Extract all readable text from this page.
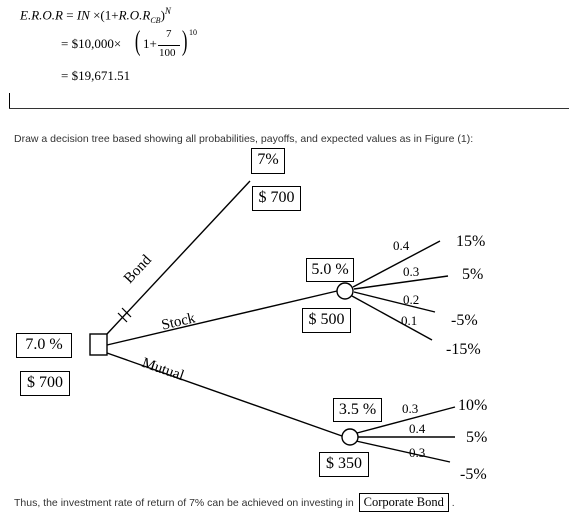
E.R.O.R = IN $\times(1+R.O.R_{CB})^N$
= $10,000× ( 1+
7
100 ) 10
= $19,671.51
Draw a decision tree based showing all probabilities, payoffs, and expected values as in Figure (1):
7%
$ 700
7.0 %
$ 700
Bond
Stock
Mutual
5.0 %
$ 500
0.4
0.3
0.2
0.1
15%
5%
-5%
-15%
3.5 %
$ 350
0.3
0.4
0.3
10%
5%
-5%
Thus, the investment rate of return of 7% can be achieved on investing in Corporate Bond .
